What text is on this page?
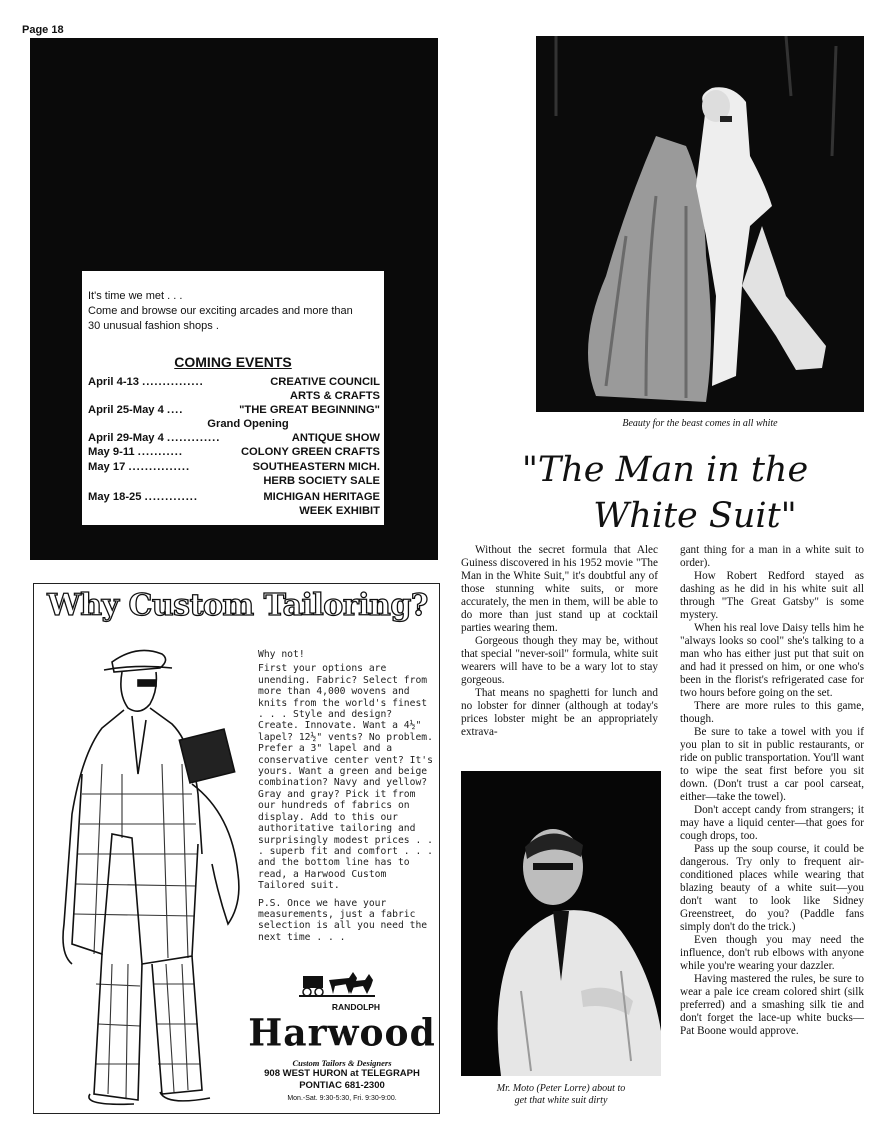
Page 18
It's time we met . . .
Come and browse our exciting arcades and more than
30 unusual fashion shops .
COMING EVENTS
April 4-13 ...............	CREATIVE COUNCIL
ARTS & CRAFTS
April 25-May 4 ....	"THE GREAT BEGINNING"
Grand Opening
April 29-May 4 .............	ANTIQUE SHOW
May 9-11 ...........	COLONY GREEN CRAFTS
May 17 ...............	SOUTHEASTERN MICH.
HERB SOCIETY SALE
May 18-25 .............	MICHIGAN HERITAGE
WEEK EXHIBIT
Why Custom Tailoring?

Why not!

First your options are unending. Fabric? Select from more than 4,000 wovens and knits from the world's finest . . . Style and design? Create. Innovate. Want a 4½" lapel? 12½" vents? No problem. Prefer a 3" lapel and a conservative center vent? It's yours. Want a green and beige combination? Navy and yellow? Gray and gray? Pick it from our hundreds of fabrics on display. Add to this our authoritative tailoring and surprisingly modest prices . . . superb fit and comfort . . . and the bottom line has to read, a Harwood Custom Tailored suit.

P.S. Once we have your measurements, just a fabric selection is all you need the next time . . .

RANDOLPH
Harwood
Custom Tailors & Designers
908 WEST HURON at TELEGRAPH
PONTIAC 681-2300
Mon.-Sat. 9:30-5:30, Fri. 9:30-9:00.
Beauty for the beast comes in all white
"The Man in the
White Suit"

Without the secret formula that Alec Guiness discovered in his 1952 movie "The Man in the White Suit," it's doubtful any of those stunning white suits, or more accurately, the men in them, will be able to do more than just stand up at cocktail parties wearing them.

Gorgeous though they may be, without that special "never-soil" formula, white suit wearers will have to be a wary lot to stay gorgeous.

That means no spaghetti for lunch and no lobster for dinner (although at today's prices lobster might be an appropriately extrava-

Mr. Moto (Peter Lorre) about to
get that white suit dirty

gant thing for a man in a white suit to order).

How Robert Redford stayed as dashing as he did in his white suit all through "The Great Gatsby" is some mystery.

When his real love Daisy tells him he "always looks so cool" she's talking to a man who has either just put that suit on and had it pressed on him, or one who's been in the florist's refrigerated case for two hours before going on the set.

There are more rules to this game, though.

Be sure to take a towel with you if you plan to sit in public restaurants, or ride on public transportation. You'll want to wipe the seat first before you sit down. (Don't trust a car pool carseat, either—take the towel).

Don't accept candy from strangers; it may have a liquid center—that goes for cough drops, too.

Pass up the soup course, it could be dangerous. Try only to frequent air-conditioned places while wearing that blazing beauty of a white suit—you don't want to look like Sidney Greenstreet, do you? (Paddle fans simply don't do the trick.)

Even though you may need the influence, don't rub elbows with anyone while you're wearing your dazzler.

Having mastered the rules, be sure to wear a pale ice cream colored shirt (silk preferred) and a smashing silk tie and don't forget the lace-up white bucks—Pat Boone would approve.
